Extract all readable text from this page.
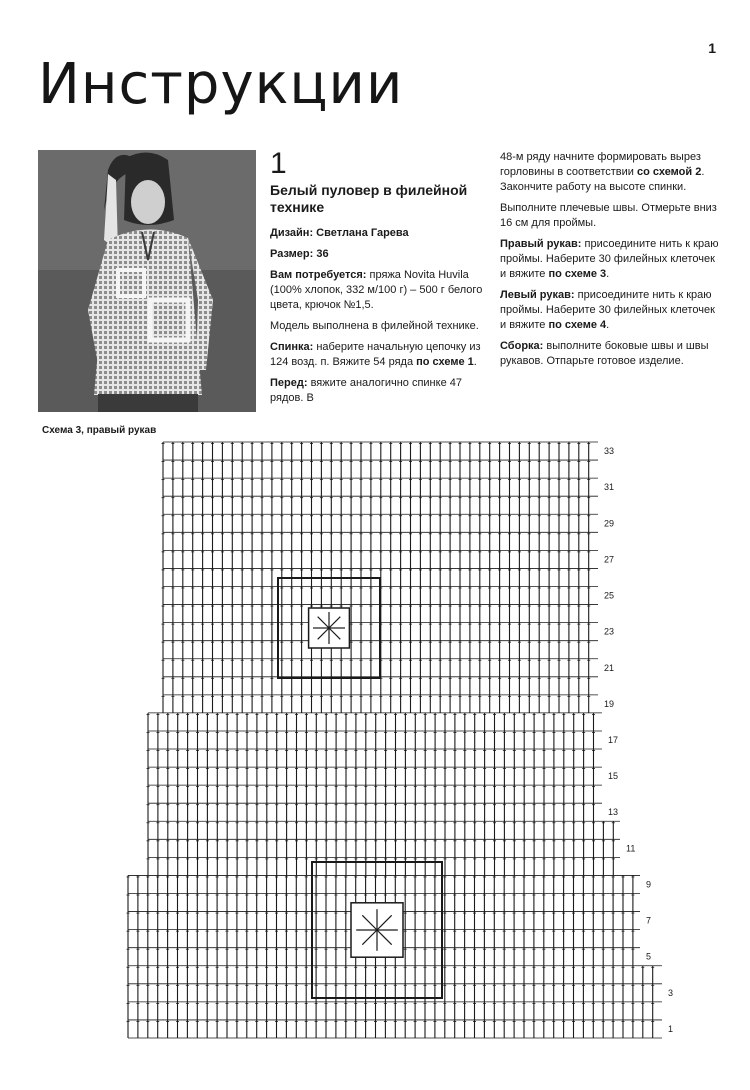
1
Инструкции
1
Белый пуловер в филейной технике

Дизайн: Светлана Гарева

Размер: 36

Вам потребуется: пряжа Novita Huvila (100% хлопок, 332 м/100 г) – 500 г белого цвета, крючок №1,5.

Модель выполнена в филейной технике.

Спинка: наберите начальную цепочку из 124 возд. п. Вяжите 54 ряда по схеме 1.

Перед: вяжите аналогично спинке 47 рядов. В

48-м ряду начните формировать вырез горловины в соответствии со схемой 2. Закончите работу на высоте спинки.

Выполните плечевые швы. Отмерьте вниз 16 см для проймы.

Правый рукав: присоедините нить к краю проймы. Наберите 30 филейных клеточек и вяжите по схеме 3.

Левый рукав: присоедините нить к краю проймы. Наберите 30 филейных клеточек и вяжите по схеме 4.

Сборка: выполните боковые швы и швы рукавов. Отпарьте готовое изделие.

Схема 3, правый рукав
1
3
5
7
9
11
13
15
17
19
21
23
25
27
29
31
33
